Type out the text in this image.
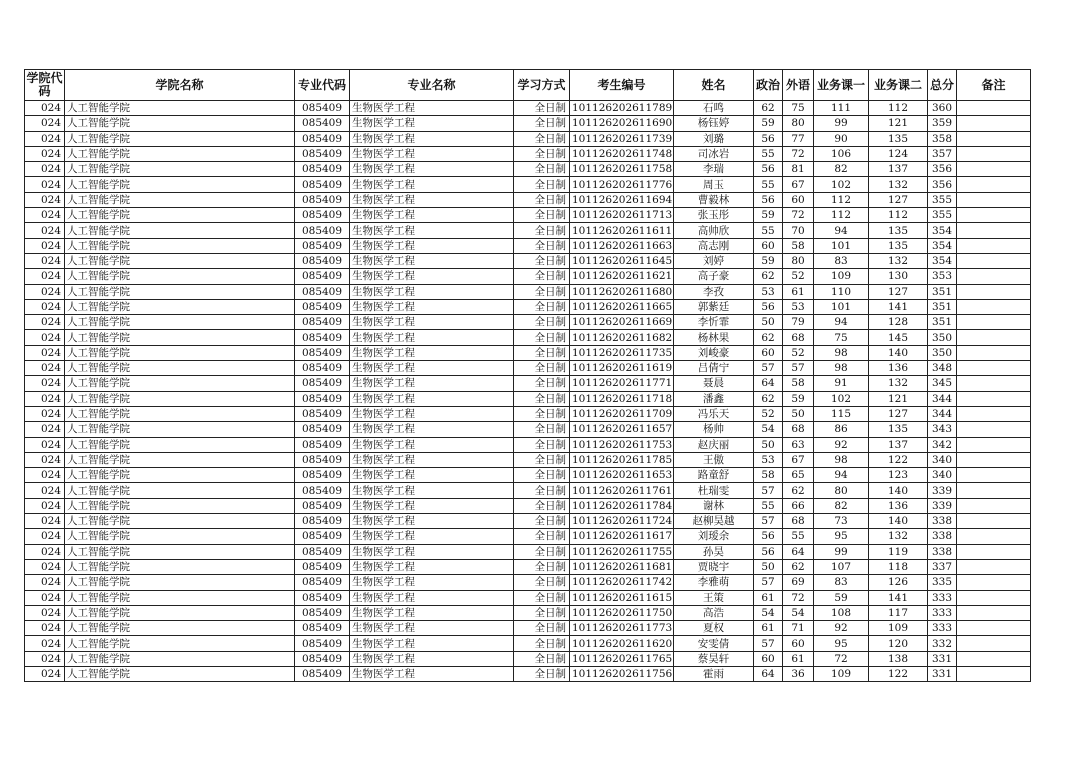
学院代码	学院名称	专业代码	专业名称	学习方式	考生编号	姓名	政治	外语	业务课一	业务课二	总分	备注
024	人工智能学院	085409	生物医学工程	全日制	101126202611789	石鸣	62	75	111	112	360	
024	人工智能学院	085409	生物医学工程	全日制	101126202611690	杨钰婷	59	80	99	121	359	
024	人工智能学院	085409	生物医学工程	全日制	101126202611739	刘璐	56	77	90	135	358	
024	人工智能学院	085409	生物医学工程	全日制	101126202611748	司冰岩	55	72	106	124	357	
024	人工智能学院	085409	生物医学工程	全日制	101126202611758	李瑞	56	81	82	137	356	
024	人工智能学院	085409	生物医学工程	全日制	101126202611776	周玉	55	67	102	132	356	
024	人工智能学院	085409	生物医学工程	全日制	101126202611694	曹毅林	56	60	112	127	355	
024	人工智能学院	085409	生物医学工程	全日制	101126202611713	张玉彤	59	72	112	112	355	
024	人工智能学院	085409	生物医学工程	全日制	101126202611611	高帅欣	55	70	94	135	354	
024	人工智能学院	085409	生物医学工程	全日制	101126202611663	高志刚	60	58	101	135	354	
024	人工智能学院	085409	生物医学工程	全日制	101126202611645	刘婷	59	80	83	132	354	
024	人工智能学院	085409	生物医学工程	全日制	101126202611621	高子豪	62	52	109	130	353	
024	人工智能学院	085409	生物医学工程	全日制	101126202611680	李孜	53	61	110	127	351	
024	人工智能学院	085409	生物医学工程	全日制	101126202611665	郭紫廷	56	53	101	141	351	
024	人工智能学院	085409	生物医学工程	全日制	101126202611669	李忻霏	50	79	94	128	351	
024	人工智能学院	085409	生物医学工程	全日制	101126202611682	杨林果	62	68	75	145	350	
024	人工智能学院	085409	生物医学工程	全日制	101126202611735	刘峻豪	60	52	98	140	350	
024	人工智能学院	085409	生物医学工程	全日制	101126202611619	吕倩宁	57	57	98	136	348	
024	人工智能学院	085409	生物医学工程	全日制	101126202611771	聂晨	64	58	91	132	345	
024	人工智能学院	085409	生物医学工程	全日制	101126202611718	潘鑫	62	59	102	121	344	
024	人工智能学院	085409	生物医学工程	全日制	101126202611709	冯乐天	52	50	115	127	344	
024	人工智能学院	085409	生物医学工程	全日制	101126202611657	杨帅	54	68	86	135	343	
024	人工智能学院	085409	生物医学工程	全日制	101126202611753	赵庆丽	50	63	92	137	342	
024	人工智能学院	085409	生物医学工程	全日制	101126202611785	王傲	53	67	98	122	340	
024	人工智能学院	085409	生物医学工程	全日制	101126202611653	路童舒	58	65	94	123	340	
024	人工智能学院	085409	生物医学工程	全日制	101126202611761	杜瑞雯	57	62	80	140	339	
024	人工智能学院	085409	生物医学工程	全日制	101126202611784	谢林	55	66	82	136	339	
024	人工智能学院	085409	生物医学工程	全日制	101126202611724	赵柳昊越	57	68	73	140	338	
024	人工智能学院	085409	生物医学工程	全日制	101126202611617	刘瑷余	56	55	95	132	338	
024	人工智能学院	085409	生物医学工程	全日制	101126202611755	孙昊	56	64	99	119	338	
024	人工智能学院	085409	生物医学工程	全日制	101126202611681	贾晓宇	50	62	107	118	337	
024	人工智能学院	085409	生物医学工程	全日制	101126202611742	李雅萌	57	69	83	126	335	
024	人工智能学院	085409	生物医学工程	全日制	101126202611615	王策	61	72	59	141	333	
024	人工智能学院	085409	生物医学工程	全日制	101126202611750	高浩	54	54	108	117	333	
024	人工智能学院	085409	生物医学工程	全日制	101126202611773	夏权	61	71	92	109	333	
024	人工智能学院	085409	生物医学工程	全日制	101126202611620	安雯倩	57	60	95	120	332	
024	人工智能学院	085409	生物医学工程	全日制	101126202611765	蔡昊轩	60	61	72	138	331	
024	人工智能学院	085409	生物医学工程	全日制	101126202611756	霍雨	64	36	109	122	331	
